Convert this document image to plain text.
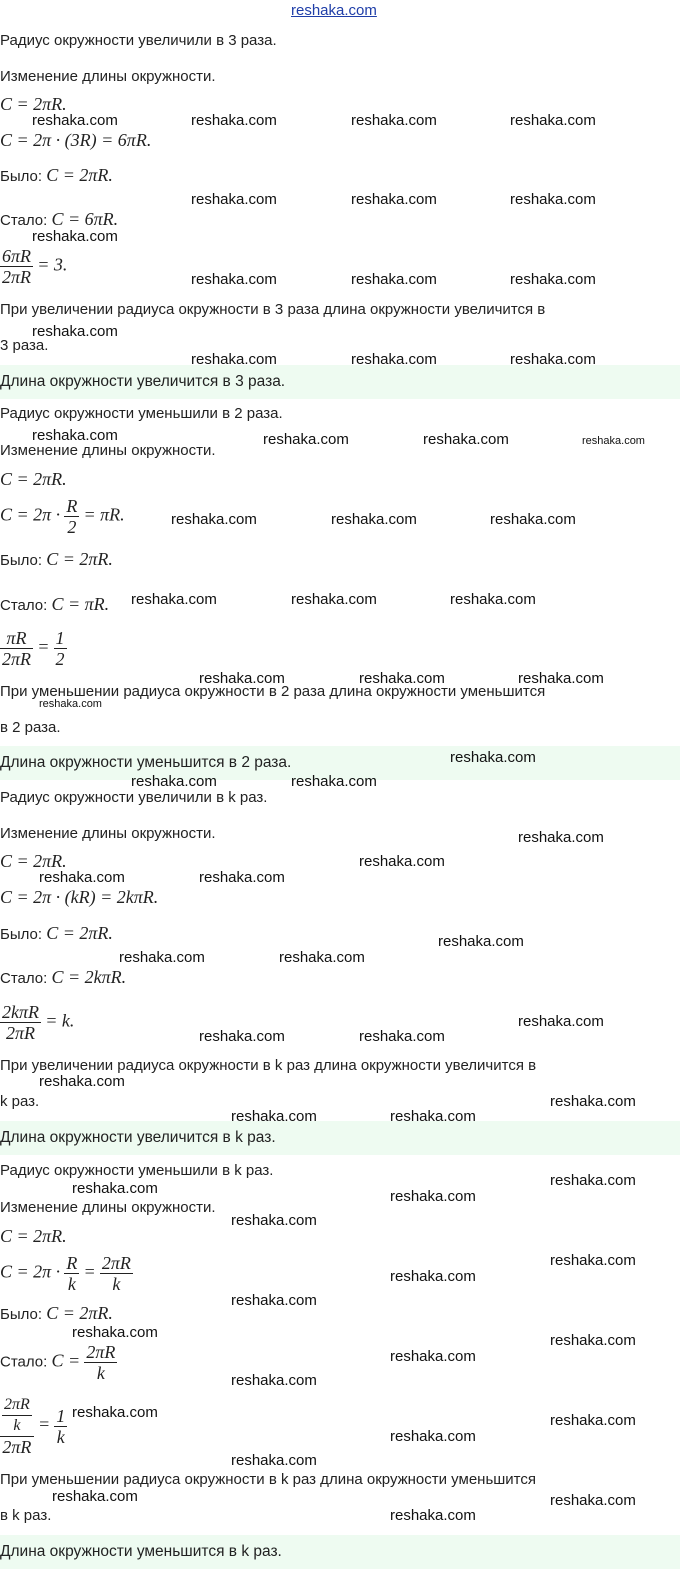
reshaka.com
Радиус окружности увеличили в 3 раза.
Изменение длины окружности.
C = 2πR.
C = 2π · (3R) = 6πR.
Было: C = 2πR.
Стало: C = 6πR.
$\frac{6\pi R}{2\pi R} = 3$.
При увеличении радиуса окружности в 3 раза длина окружности увеличится в
3 раза.
Длина окружности увеличится в 3 раза.
Радиус окружности уменьшили в 2 раза.
Изменение длины окружности.
C = 2πR.
$C = 2\pi \cdot \frac{R}{2} = \pi R$.
Было: C = 2πR.
Стало: C = πR.
$\frac{\pi R}{2\pi R} = \frac{1}{2}$
При уменьшении радиуса окружности в 2 раза длина окружности уменьшится
в 2 раза.
Длина окружности уменьшится в 2 раза.
Радиус окружности увеличили в k раз.
Изменение длины окружности.
C = 2πR.
C = 2π · (kR) = 2kπR.
Было: C = 2πR.
Стало: C = 2kπR.
$\frac{\text{2kπR}}{2\pi R} = k$.
При увеличении радиуса окружности в k раз длина окружности увеличится в
k раз.
Длина окружности увеличится в k раз.
Радиус окружности уменьшили в k раз.
Изменение длины окружности.
C = 2πR.
$C = 2\pi \cdot \frac{R}{k} = \frac{2\pi R}{k}$
Было: C = 2πR.
Стало: $C = \frac{2\pi R}{k}$
$\frac{\frac{2\pi R}{k}}{2\pi R} = \frac{1}{k}$
При уменьшении радиуса окружности в k раз длина окружности уменьшится
в k раз.
Длина окружности уменьшится в k раз.
reshaka.com	reshaka.com	reshaka.com	reshaka.com
reshaka.com	reshaka.com	reshaka.com
reshaka.com
reshaka.com	reshaka.com	reshaka.com
reshaka.com
reshaka.com	reshaka.com	reshaka.com
reshaka.com	reshaka.com	reshaka.com	reshaka.com
reshaka.com	reshaka.com	reshaka.com
reshaka.com	reshaka.com	reshaka.com
reshaka.com	reshaka.com	reshaka.com
reshaka.com
reshaka.com
reshaka.com	reshaka.com
reshaka.com
reshaka.com
reshaka.com	reshaka.com
reshaka.com
reshaka.com	reshaka.com
reshaka.com
reshaka.com	reshaka.com
reshaka.com
reshaka.com
reshaka.com	reshaka.com
reshaka.com
reshaka.com	reshaka.com
reshaka.com
reshaka.com
reshaka.com
reshaka.com
reshaka.com	reshaka.com
reshaka.com
reshaka.com
reshaka.com	reshaka.com
reshaka.com
reshaka.com
reshaka.com	reshaka.com
reshaka.com
